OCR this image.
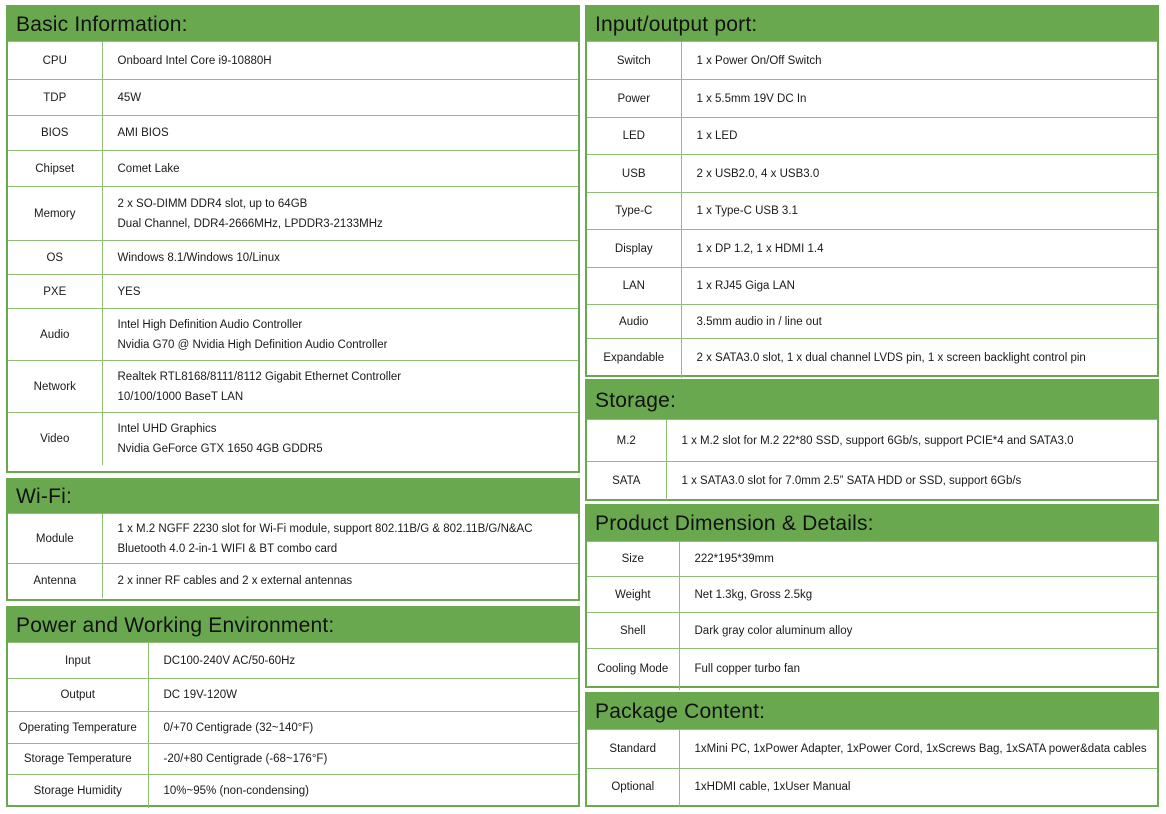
Basic Information:
CPU	Onboard Intel Core i9-10880H

TDP	45W

BIOS	AMI BIOS

Chipset	Comet Lake

Memory	2 x SO-DIMM DDR4 slot, up to 64GB
Dual Channel, DDR4-2666MHz, LPDDR3-2133MHz

OS	Windows 8.1/Windows 10/Linux

PXE	YES

Audio	Intel High Definition Audio Controller
Nvidia G70 @ Nvidia High Definition Audio Controller

Network	Realtek RTL8168/8111/8112 Gigabit Ethernet Controller
10/100/1000 BaseT LAN

Video	Intel UHD Graphics
Nvidia GeForce GTX 1650 4GB GDDR5
Wi-Fi:
Module	1 x M.2 NGFF 2230 slot for Wi-Fi module, support 802.11B/G & 802.11B/G/N&AC
Bluetooth 4.0 2-in-1 WIFI & BT combo card

Antenna	2 x inner RF cables and 2 x external antennas
Power and Working Environment:
Input	DC100-240V AC/50-60Hz

Output	DC 19V-120W

Operating Temperature	0/+70 Centigrade (32~140°F)

Storage Temperature	-20/+80 Centigrade (-68~176°F)

Storage Humidity	10%~95% (non-condensing)
Input/output port:
Switch	1 x Power On/Off Switch

Power	1 x 5.5mm 19V DC In

LED	1 x LED

USB	2 x USB2.0, 4 x USB3.0

Type-C	1 x Type-C USB 3.1

Display	1 x DP 1.2, 1 x HDMI 1.4

LAN	1 x RJ45 Giga LAN

Audio	3.5mm audio in / line out

Expandable	2 x SATA3.0 slot, 1 x dual channel LVDS pin, 1 x screen backlight control pin
Storage:
M.2	1 x M.2 slot for M.2 22*80 SSD, support 6Gb/s, support PCIE*4 and SATA3.0

SATA	1 x SATA3.0 slot for 7.0mm 2.5” SATA HDD or SSD, support 6Gb/s
Product Dimension & Details:
Size	222*195*39mm

Weight	Net 1.3kg, Gross 2.5kg

Shell	Dark gray color aluminum alloy

Cooling Mode	Full copper turbo fan
Package Content:
Standard	1xMini PC, 1xPower Adapter, 1xPower Cord, 1xScrews Bag, 1xSATA power&data cables

Optional	1xHDMI cable, 1xUser Manual
